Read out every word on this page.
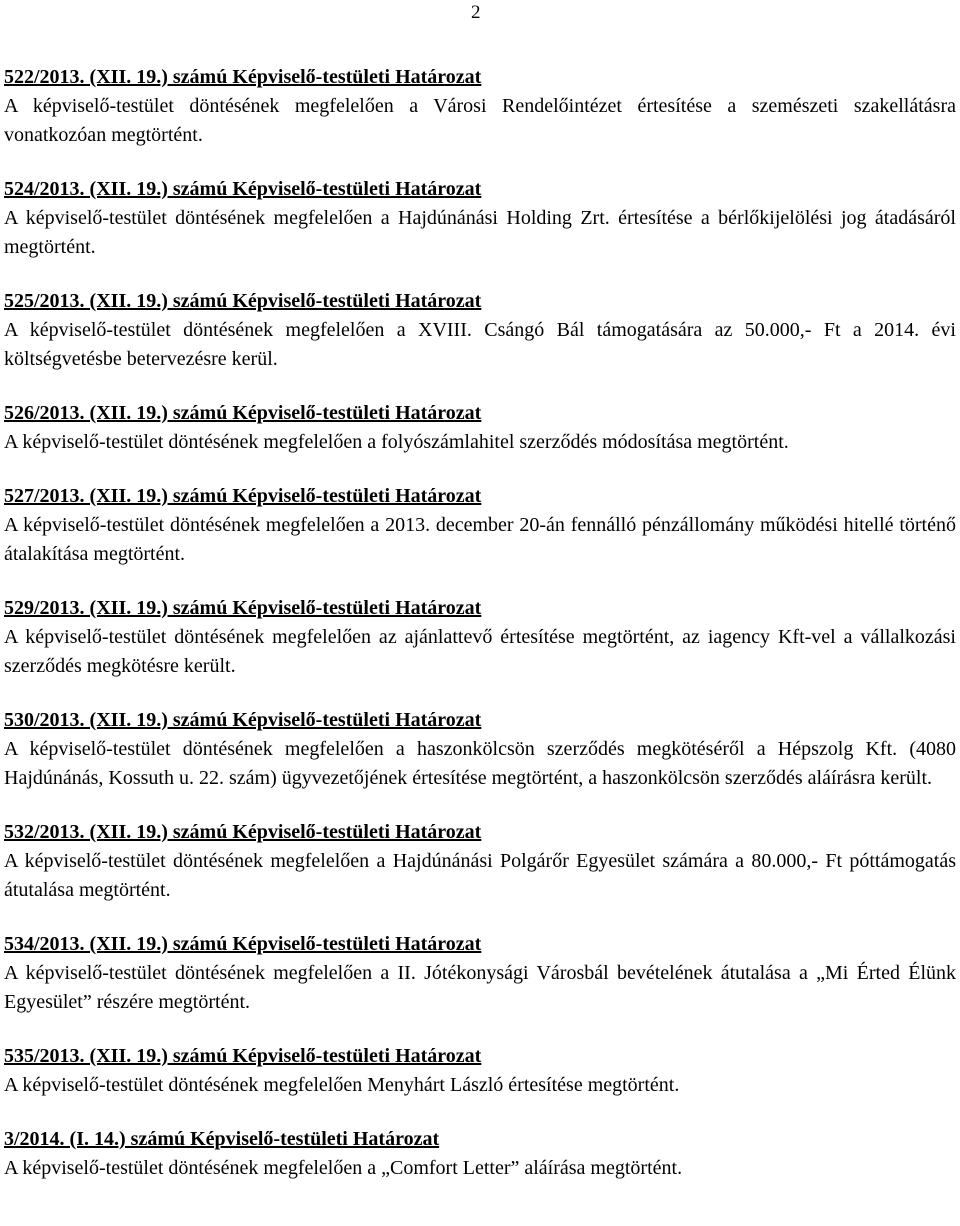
2
522/2013. (XII. 19.) számú Képviselő-testületi Határozat
A képviselő-testület döntésének megfelelően a Városi Rendelőintézet értesítése a szemészeti szakellátásra vonatkozóan megtörtént.
524/2013. (XII. 19.) számú Képviselő-testületi Határozat
A képviselő-testület döntésének megfelelően a Hajdúnánási Holding Zrt. értesítése a bérlőkijelölési jog átadásáról megtörtént.
525/2013. (XII. 19.) számú Képviselő-testületi Határozat
A képviselő-testület döntésének megfelelően a XVIII. Csángó Bál támogatására az 50.000,- Ft a 2014. évi költségvetésbe betervezésre kerül.
526/2013. (XII. 19.) számú Képviselő-testületi Határozat
A képviselő-testület döntésének megfelelően a folyószámlahitel szerződés módosítása megtörtént.
527/2013. (XII. 19.) számú Képviselő-testületi Határozat
A képviselő-testület döntésének megfelelően a 2013. december 20-án fennálló pénzállomány működési hitellé történő átalakítása megtörtént.
529/2013. (XII. 19.) számú Képviselő-testületi Határozat
A képviselő-testület döntésének megfelelően az ajánlattevő értesítése megtörtént, az iagency Kft-vel a vállalkozási szerződés megkötésre került.
530/2013. (XII. 19.) számú Képviselő-testületi Határozat
A képviselő-testület döntésének megfelelően a haszonkölcsön szerződés megkötéséről a Hépszolg Kft. (4080 Hajdúnánás, Kossuth u. 22. szám) ügyvezetőjének értesítése megtörtént, a haszonkölcsön szerződés aláírásra került.
532/2013. (XII. 19.) számú Képviselő-testületi Határozat
A képviselő-testület döntésének megfelelően a Hajdúnánási Polgárőr Egyesület számára a 80.000,- Ft póttámogatás átutalása megtörtént.
534/2013. (XII. 19.) számú Képviselő-testületi Határozat
A képviselő-testület döntésének megfelelően a II. Jótékonysági Városbál bevételének átutalása a „Mi Érted Élünk Egyesület” részére megtörtént.
535/2013. (XII. 19.) számú Képviselő-testületi Határozat
A képviselő-testület döntésének megfelelően Menyhárt László értesítése megtörtént.
3/2014. (I. 14.) számú Képviselő-testületi Határozat
A képviselő-testület döntésének megfelelően a „Comfort Letter” aláírása megtörtént.
